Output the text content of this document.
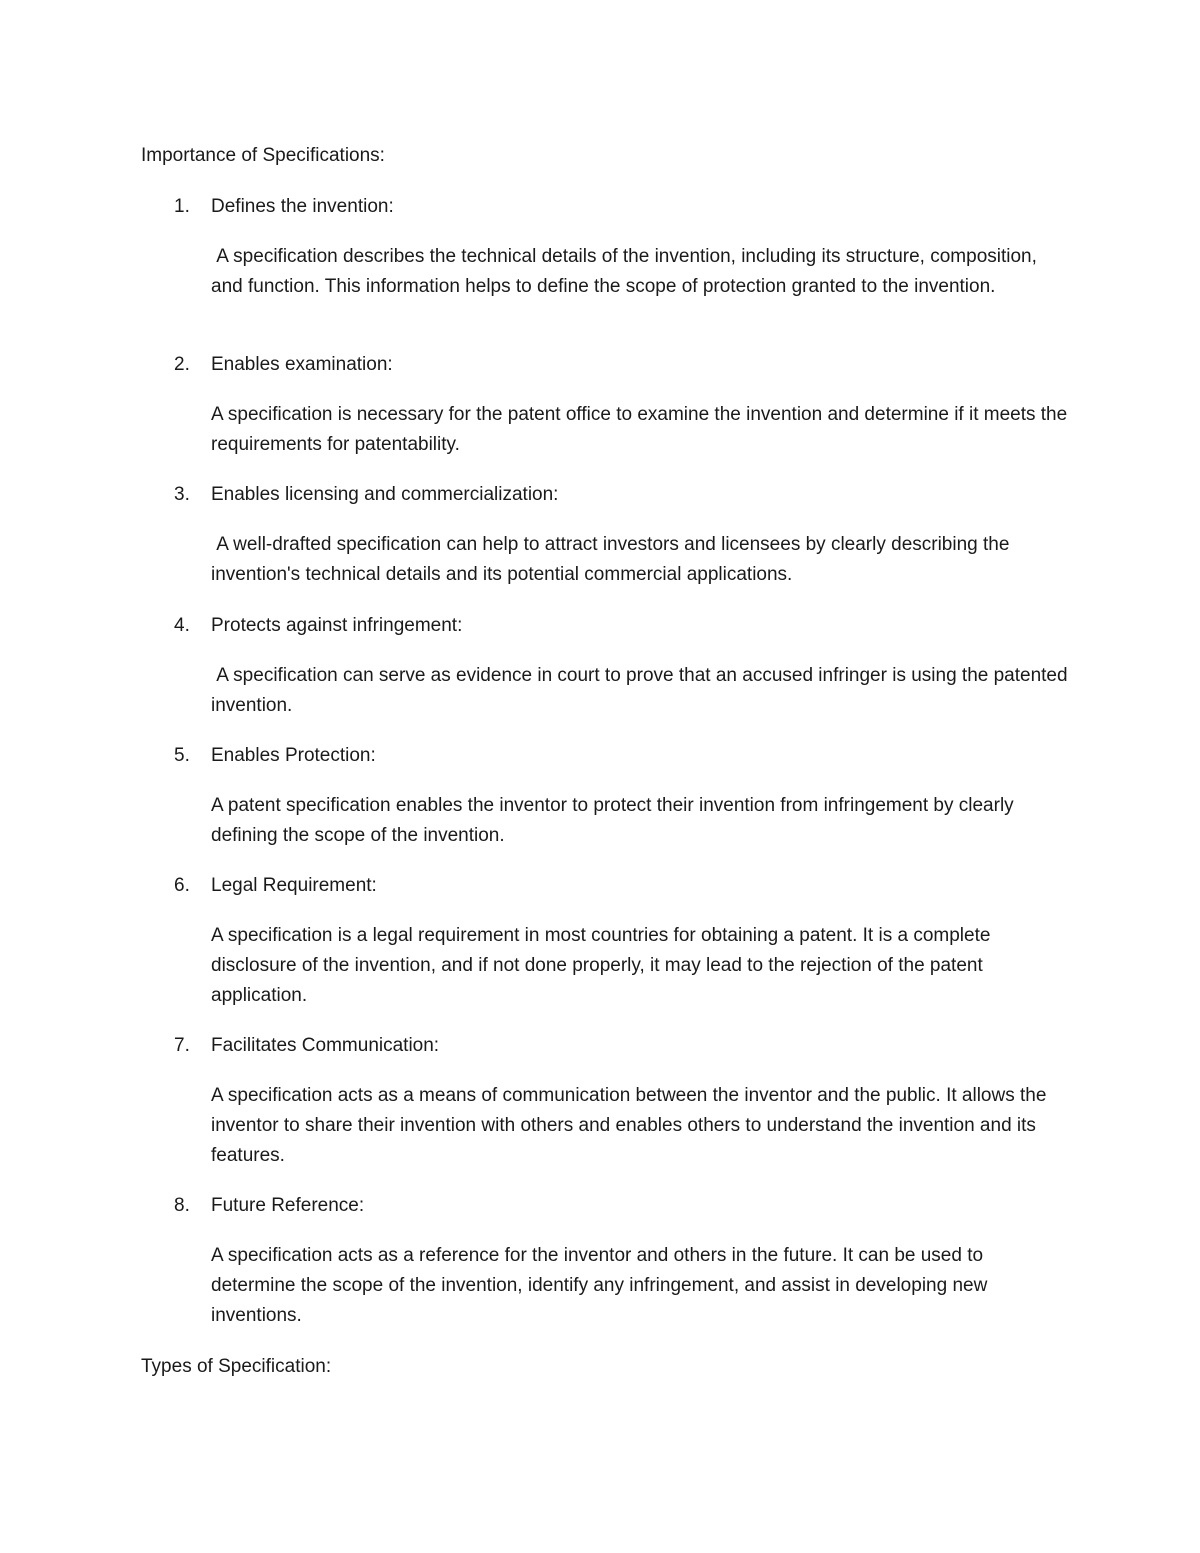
Importance of Specifications:
1.	Defines the invention:
A specification describes the technical details of the invention, including its structure, composition, and function. This information helps to define the scope of protection granted to the invention.
2.	Enables examination:
A specification is necessary for the patent office to examine the invention and determine if it meets the requirements for patentability.
3.	Enables licensing and commercialization:
A well-drafted specification can help to attract investors and licensees by clearly describing the invention's technical details and its potential commercial applications.
4.	Protects against infringement:
A specification can serve as evidence in court to prove that an accused infringer is using the patented invention.
5.	Enables Protection:
A patent specification enables the inventor to protect their invention from infringement by clearly defining the scope of the invention.
6.	Legal Requirement:
A specification is a legal requirement in most countries for obtaining a patent. It is a complete disclosure of the invention, and if not done properly, it may lead to the rejection of the patent application.
7.	Facilitates Communication:
A specification acts as a means of communication between the inventor and the public. It allows the inventor to share their invention with others and enables others to understand the invention and its features.
8.	Future Reference:
A specification acts as a reference for the inventor and others in the future. It can be used to determine the scope of the invention, identify any infringement, and assist in developing new inventions.
Types of Specification:
